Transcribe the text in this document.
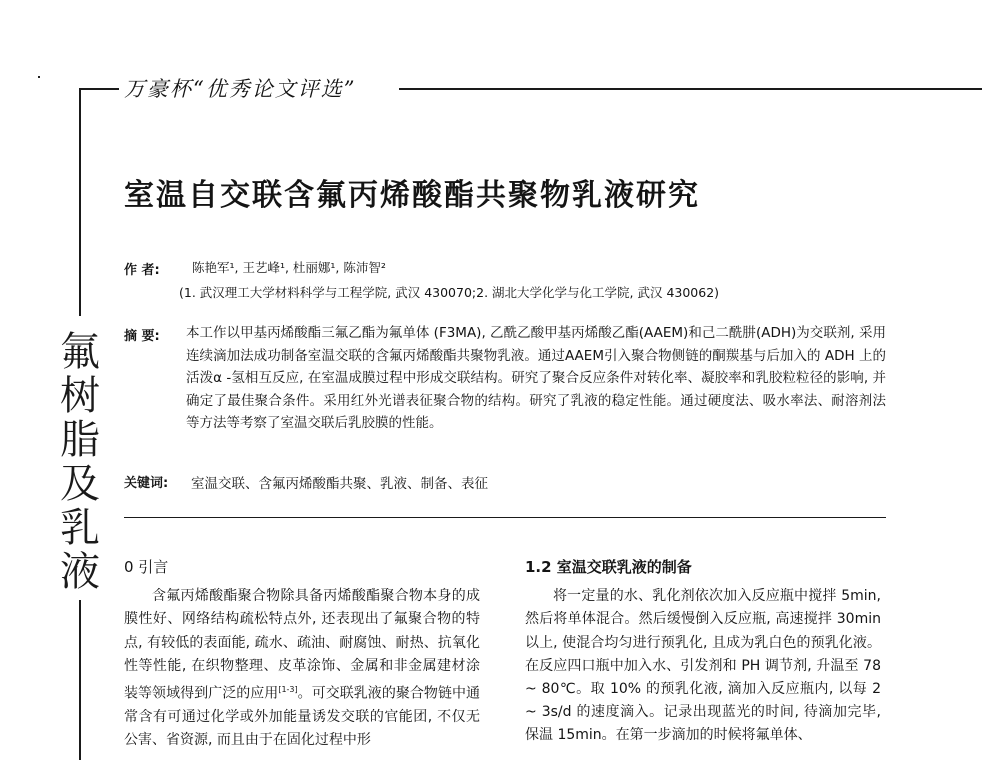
万豪杯“优秀论文评选”
氟
树
脂
及
乳
液
室温自交联含氟丙烯酸酯共聚物乳液研究
作 者:	陈艳军¹, 王艺峰¹, 杜丽娜¹, 陈沛智²
(1. 武汉理工大学材料科学与工程学院, 武汉 430070;2. 湖北大学化学与化工学院, 武汉 430062)
摘 要: 本工作以甲基丙烯酸酯三氟乙酯为氟单体 (F3MA), 乙酰乙酸甲基丙烯酸乙酯(AAEM)和己二酰肼(ADH)为交联剂, 采用连续滴加法成功制备室温交联的含氟丙烯酸酯共聚物乳液。通过AAEM引入聚合物侧链的酮羰基与后加入的 ADH 上的活泼α -氢相互反应, 在室温成膜过程中形成交联结构。研究了聚合反应条件对转化率、凝胶率和乳胶粒粒径的影响, 并确定了最佳聚合条件。采用红外光谱表征聚合物的结构。研究了乳液的稳定性能。通过硬度法、吸水率法、耐溶剂法等方法等考察了室温交联后乳胶膜的性能。
关键词: 室温交联、含氟丙烯酸酯共聚、乳液、制备、表征
0 引言

含氟丙烯酸酯聚合物除具备丙烯酸酯聚合物本身的成膜性好、网络结构疏松特点外, 还表现出了氟聚合物的特点, 有较低的表面能, 疏水、疏油、耐腐蚀、耐热、抗氧化性等性能, 在织物整理、皮革涂饰、金属和非金属建材涂装等领域得到广泛的应用[1-3]。可交联乳液的聚合物链中通常含有可通过化学或外加能量诱发交联的官能团, 不仅无公害、省资源, 而且由于在固化过程中形

1.2 室温交联乳液的制备

将一定量的水、乳化剂依次加入反应瓶中搅拌 5min, 然后将单体混合。然后缓慢倒入反应瓶, 高速搅拌 30min 以上, 使混合均匀进行预乳化, 且成为乳白色的预乳化液。在反应四口瓶中加入水、引发剂和 PH 调节剂, 升温至 78 ~ 80℃。取 10% 的预乳化液, 滴加入反应瓶内, 以每 2 ~ 3s/d 的速度滴入。记录出现蓝光的时间, 待滴加完毕, 保温 15min。在第一步滴加的时候将氟单体、
